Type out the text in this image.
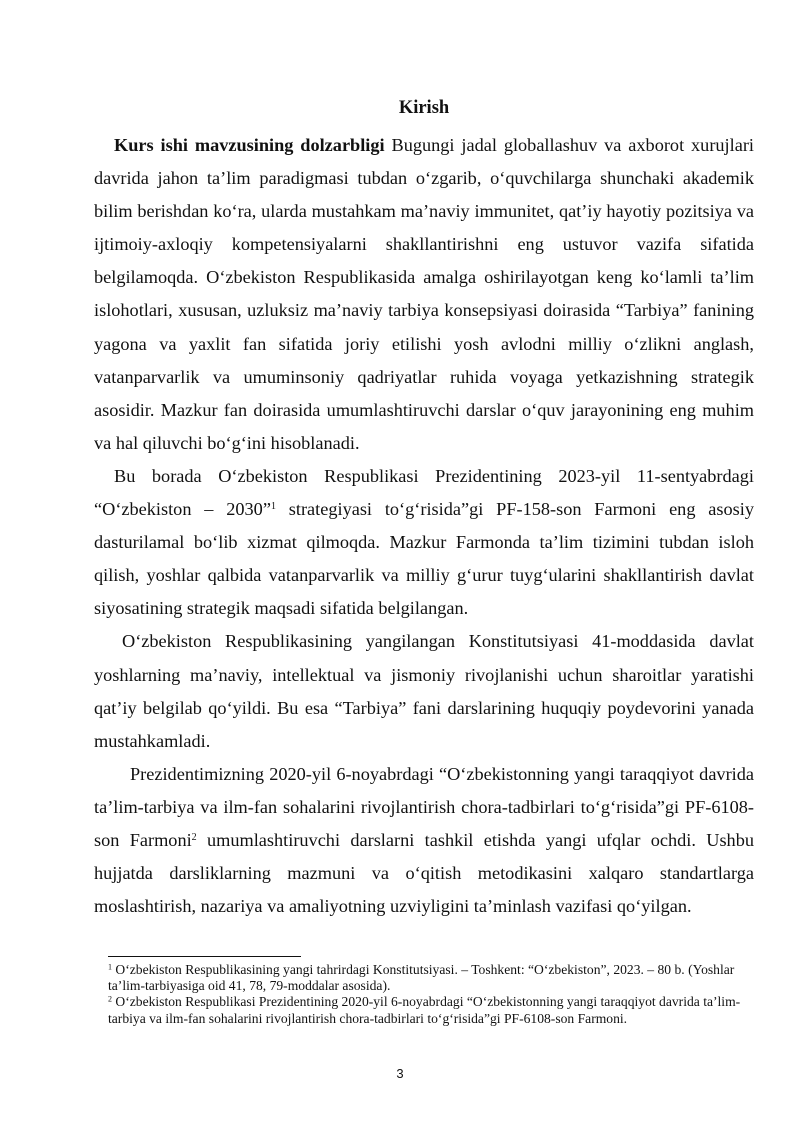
Kirish

Kurs ishi mavzusining dolzarbligi Bugungi jadal globallashuv va axborot xurujlari davrida jahon ta’lim paradigmasi tubdan o‘zgarib, o‘quvchilarga shunchaki akademik bilim berishdan ko‘ra, ularda mustahkam ma’naviy immunitet, qat’iy hayotiy pozitsiya va ijtimoiy-axloqiy kompetensiyalarni shakllantirishni eng ustuvor vazifa sifatida belgilamoqda. O‘zbekiston Respublikasida amalga oshirilayotgan keng ko‘lamli ta’lim islohotlari, xususan, uzluksiz ma’naviy tarbiya konsepsiyasi doirasida “Tarbiya” fanining yagona va yaxlit fan sifatida joriy etilishi yosh avlodni milliy o‘zlikni anglash, vatanparvarlik va umuminsoniy qadriyatlar ruhida voyaga yetkazishning strategik asosidir. Mazkur fan doirasida umumlashtiruvchi darslar o‘quv jarayonining eng muhim va hal qiluvchi bo‘g‘ini hisoblanadi.

Bu borada O‘zbekiston Respublikasi Prezidentining 2023-yil 11-sentyabrdagi “O‘zbekiston – 2030”$^1$ strategiyasi to‘g‘risida”gi PF-158-son Farmoni eng asosiy dasturilamal bo‘lib xizmat qilmoqda. Mazkur Farmonda ta’lim tizimini tubdan isloh qilish, yoshlar qalbida vatanparvarlik va milliy g‘urur tuyg‘ularini shakllantirish davlat siyosatining strategik maqsadi sifatida belgilangan.

O‘zbekiston Respublikasining yangilangan Konstitutsiyasi 41-moddasida davlat yoshlarning ma’naviy, intellektual va jismoniy rivojlanishi uchun sharoitlar yaratishi qat’iy belgilab qo‘yildi. Bu esa “Tarbiya” fani darslarining huquqiy poydevorini yanada mustahkamladi.

Prezidentimizning 2020-yil 6-noyabrdagi “O‘zbekistonning yangi taraqqiyot davrida ta’lim-tarbiya va ilm-fan sohalarini rivojlantirish chora-tadbirlari to‘g‘risida”gi PF-6108-son Farmoni$^2$ umumlashtiruvchi darslarni tashkil etishda yangi ufqlar ochdi. Ushbu hujjatda darsliklarning mazmuni va o‘qitish metodikasini xalqaro standartlarga moslashtirish, nazariya va amaliyotning uzviyligini ta’minlash vazifasi qo‘yilgan.

$^1$ O‘zbekiston Respublikasining yangi tahrirdagi Konstitutsiyasi. – Toshkent: “O‘zbekiston”, 2023. – 80 b. (Yoshlar ta’lim-tarbiyasiga oid 41, 78, 79-moddalar asosida).

$^2$ O‘zbekiston Respublikasi Prezidentining 2020-yil 6-noyabrdagi “O‘zbekistonning yangi taraqqiyot davrida ta’lim-tarbiya va ilm-fan sohalarini rivojlantirish chora-tadbirlari to‘g‘risida”gi PF-6108-son Farmoni.

3
